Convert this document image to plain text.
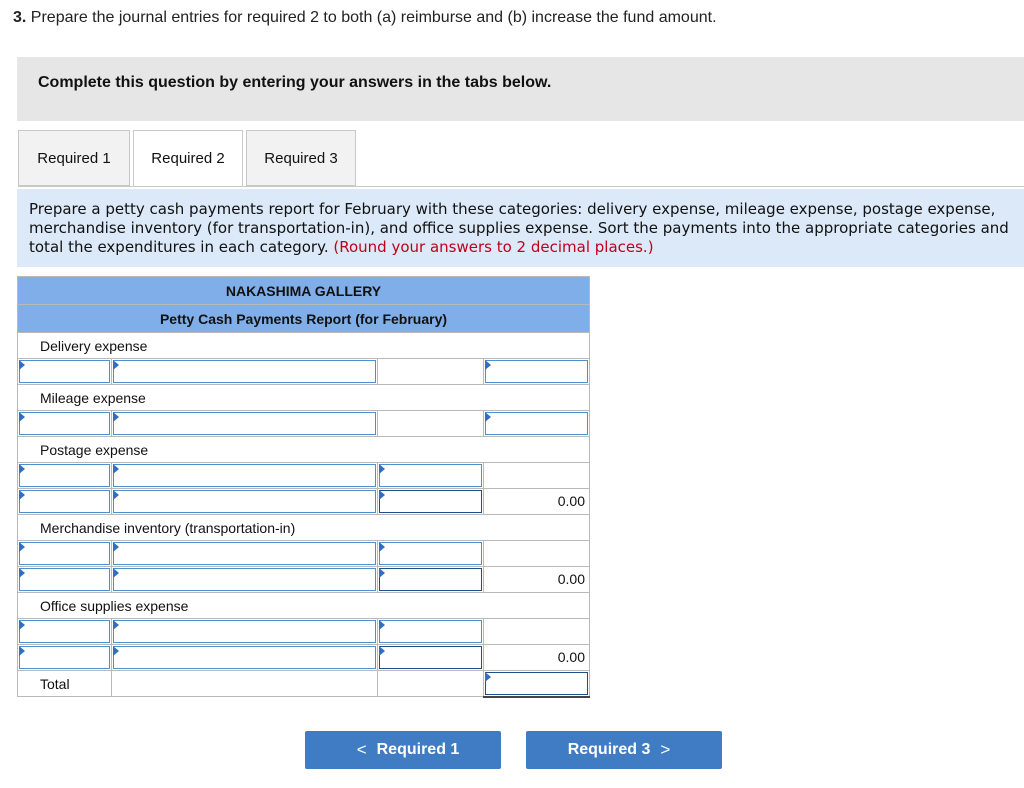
3. Prepare the journal entries for required 2 to both (a) reimburse and (b) increase the fund amount.
Complete this question by entering your answers in the tabs below.
Required 1	Required 2	Required 3
Prepare a petty cash payments report for February with these categories: delivery expense, mileage expense, postage expense, merchandise inventory (for transportation-in), and office supplies expense. Sort the payments into the appropriate categories and total the expenditures in each category. (Round your answers to 2 decimal places.)
NAKASHIMA GALLERY			
Petty Cash Payments Report (for February)			
Delivery expense			

Mileage expense			

Postage expense			

			0.00

Merchandise inventory (transportation-in)			

			0.00

Office supplies expense			

			0.00

Total			
< Required 1	Required 3 >
